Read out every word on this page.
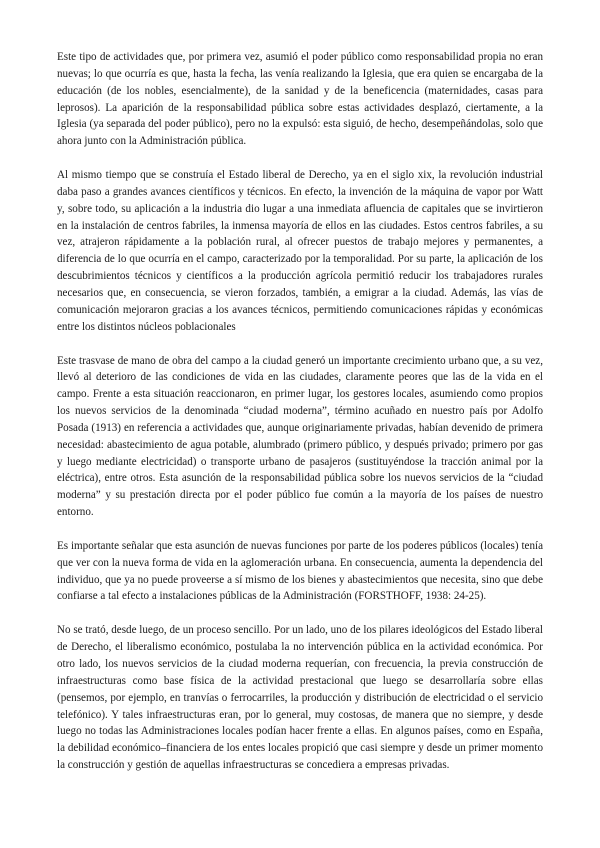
Este tipo de actividades que, por primera vez, asumió el poder público como responsabilidad propia no eran nuevas; lo que ocurría es que, hasta la fecha, las venía realizando la Iglesia, que era quien se encargaba de la educación (de los nobles, esencialmente), de la sanidad y de la beneficencia (maternidades, casas para leprosos). La aparición de la responsabilidad pública sobre estas actividades desplazó, ciertamente, a la Iglesia (ya separada del poder público), pero no la expulsó: esta siguió, de hecho, desempeñándolas, solo que ahora junto con la Administración pública.

Al mismo tiempo que se construía el Estado liberal de Derecho, ya en el siglo xix, la revolución industrial daba paso a grandes avances científicos y técnicos. En efecto, la invención de la máquina de vapor por Watt y, sobre todo, su aplicación a la industria dio lugar a una inmediata afluencia de capitales que se invirtieron en la instalación de centros fabriles, la inmensa mayoría de ellos en las ciudades. Estos centros fabriles, a su vez, atrajeron rápidamente a la población rural, al ofrecer puestos de trabajo mejores y permanentes, a diferencia de lo que ocurría en el campo, caracterizado por la temporalidad. Por su parte, la aplicación de los descubrimientos técnicos y científicos a la producción agrícola permitió reducir los trabajadores rurales necesarios que, en consecuencia, se vieron forzados, también, a emigrar a la ciudad. Además, las vías de comunicación mejoraron gracias a los avances técnicos, permitiendo comunicaciones rápidas y económicas entre los distintos núcleos poblacionales

Este trasvase de mano de obra del campo a la ciudad generó un importante crecimiento urbano que, a su vez, llevó al deterioro de las condiciones de vida en las ciudades, claramente peores que las de la vida en el campo. Frente a esta situación reaccionaron, en primer lugar, los gestores locales, asumiendo como propios los nuevos servicios de la denominada “ciudad moderna”, término acuñado en nuestro país por Adolfo Posada (1913) en referencia a actividades que, aunque originariamente privadas, habían devenido de primera necesidad: abastecimiento de agua potable, alumbrado (primero público, y después privado; primero por gas y luego mediante electricidad) o transporte urbano de pasajeros (sustituyéndose la tracción animal por la eléctrica), entre otros. Esta asunción de la responsabilidad pública sobre los nuevos servicios de la “ciudad moderna” y su prestación directa por el poder público fue común a la mayoría de los países de nuestro entorno.

Es importante señalar que esta asunción de nuevas funciones por parte de los poderes públicos (locales) tenía que ver con la nueva forma de vida en la aglomeración urbana. En consecuencia, aumenta la dependencia del individuo, que ya no puede proveerse a sí mismo de los bienes y abastecimientos que necesita, sino que debe confiarse a tal efecto a instalaciones públicas de la Administración (FORSTHOFF, 1938: 24-25).

No se trató, desde luego, de un proceso sencillo. Por un lado, uno de los pilares ideológicos del Estado liberal de Derecho, el liberalismo económico, postulaba la no intervención pública en la actividad económica. Por otro lado, los nuevos servicios de la ciudad moderna requerían, con frecuencia, la previa construcción de infraestructuras como base física de la actividad prestacional que luego se desarrollaría sobre ellas (pensemos, por ejemplo, en tranvías o ferrocarriles, la producción y distribución de electricidad o el servicio telefónico). Y tales infraestructuras eran, por lo general, muy costosas, de manera que no siempre, y desde luego no todas las Administraciones locales podían hacer frente a ellas. En algunos países, como en España, la debilidad económico–financiera de los entes locales propició que casi siempre y desde un primer momento la construcción y gestión de aquellas infraestructuras se concediera a empresas privadas.
